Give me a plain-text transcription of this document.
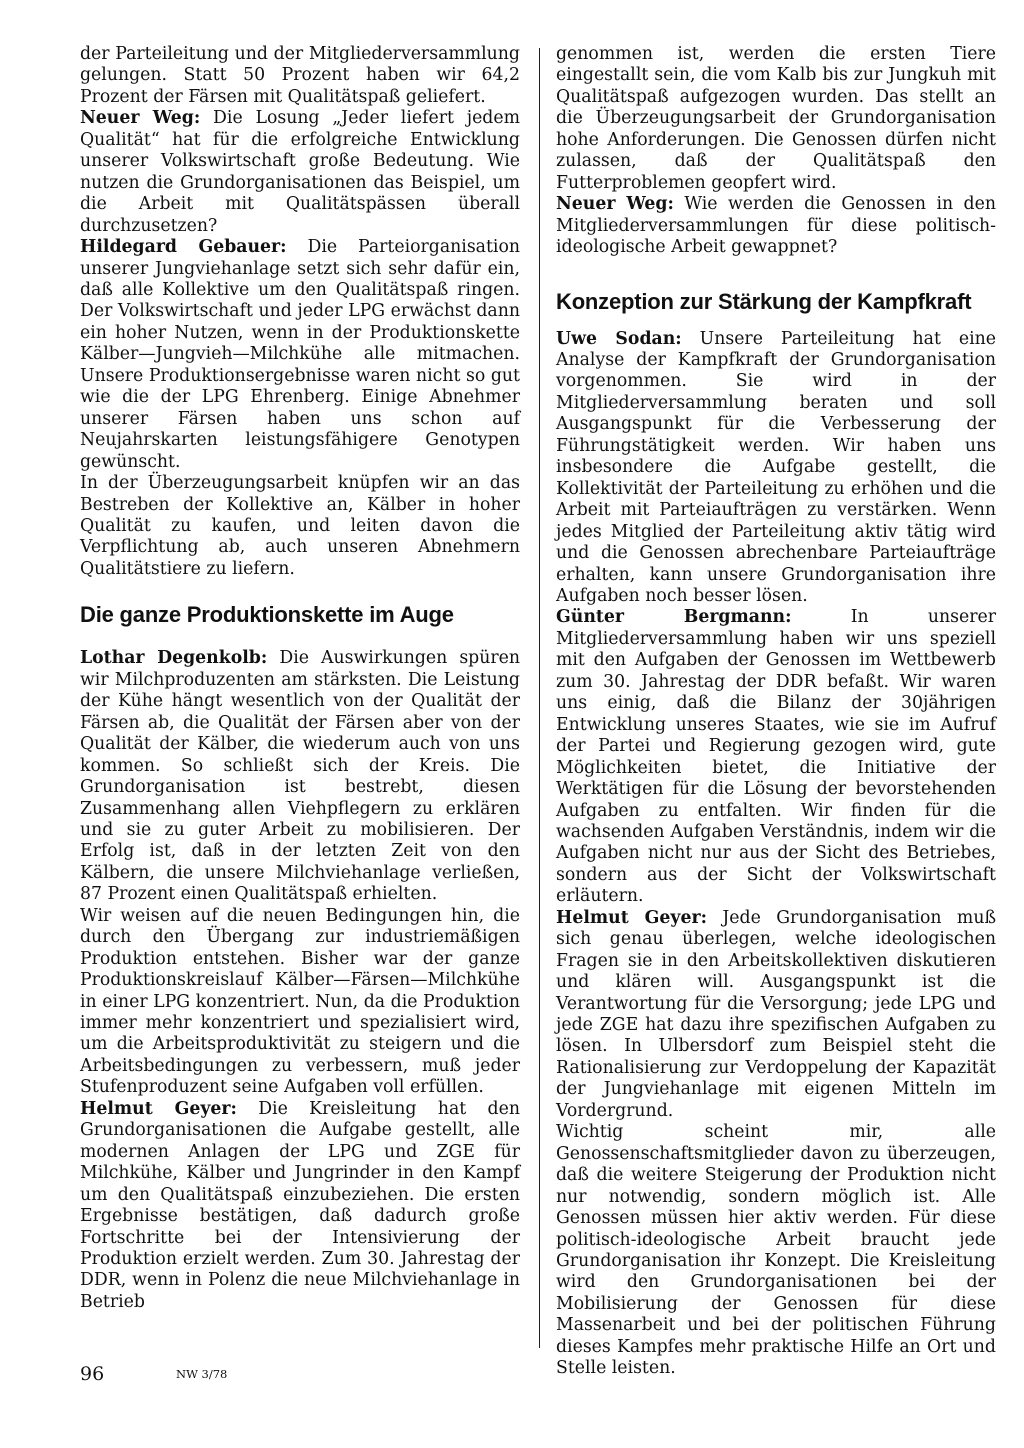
der Parteileitung und der Mitgliederversammlung gelungen. Statt 50 Prozent haben wir 64,2 Prozent der Färsen mit Qualitätspaß geliefert.

Neuer Weg: Die Losung „Jeder liefert jedem Qualität“ hat für die erfolgreiche Entwicklung unserer Volkswirtschaft große Bedeutung. Wie nutzen die Grundorganisationen das Beispiel, um die Arbeit mit Qualitätspässen überall durchzusetzen?

Hildegard Gebauer: Die Parteiorganisation unserer Jungviehanlage setzt sich sehr dafür ein, daß alle Kollektive um den Qualitätspaß ringen. Der Volkswirtschaft und jeder LPG erwächst dann ein hoher Nutzen, wenn in der Produktionskette Kälber—Jungvieh—Milchkühe alle mitmachen. Unsere Produktionsergebnisse waren nicht so gut wie die der LPG Ehrenberg. Einige Abnehmer unserer Färsen haben uns schon auf Neujahrskarten leistungsfähigere Genotypen gewünscht.

In der Überzeugungsarbeit knüpfen wir an das Bestreben der Kollektive an, Kälber in hoher Qualität zu kaufen, und leiten davon die Verpflichtung ab, auch unseren Abnehmern Qualitätstiere zu liefern.

Die ganze Produktionskette im Auge

Lothar Degenkolb: Die Auswirkungen spüren wir Milchproduzenten am stärksten. Die Leistung der Kühe hängt wesentlich von der Qualität der Färsen ab, die Qualität der Färsen aber von der Qualität der Kälber, die wiederum auch von uns kommen. So schließt sich der Kreis. Die Grundorganisation ist bestrebt, diesen Zusammenhang allen Viehpflegern zu erklären und sie zu guter Arbeit zu mobilisieren. Der Erfolg ist, daß in der letzten Zeit von den Kälbern, die unsere Milchviehanlage verließen, 87 Prozent einen Qualitätspaß erhielten.

Wir weisen auf die neuen Bedingungen hin, die durch den Übergang zur industriemäßigen Produktion entstehen. Bisher war der ganze Produktionskreislauf Kälber—Färsen—Milchkühe in einer LPG konzentriert. Nun, da die Produktion immer mehr konzentriert und spezialisiert wird, um die Arbeitsproduktivität zu steigern und die Arbeitsbedingungen zu verbessern, muß jeder Stufenproduzent seine Aufgaben voll erfüllen.

Helmut Geyer: Die Kreisleitung hat den Grundorganisationen die Aufgabe gestellt, alle modernen Anlagen der LPG und ZGE für Milchkühe, Kälber und Jungrinder in den Kampf um den Qualitätspaß einzubeziehen. Die ersten Ergebnisse bestätigen, daß dadurch große Fortschritte bei der Intensivierung der Produktion erzielt werden. Zum 30. Jahrestag der DDR, wenn in Polenz die neue Milchviehanlage in Betrieb

genommen ist, werden die ersten Tiere eingestallt sein, die vom Kalb bis zur Jungkuh mit Qualitätspaß aufgezogen wurden. Das stellt an die Überzeugungsarbeit der Grundorganisation hohe Anforderungen. Die Genossen dürfen nicht zulassen, daß der Qualitätspaß den Futterproblemen geopfert wird.

Neuer Weg: Wie werden die Genossen in den Mitgliederversammlungen für diese politisch-ideologische Arbeit gewappnet?

Konzeption zur Stärkung der Kampfkraft

Uwe Sodan: Unsere Parteileitung hat eine Analyse der Kampfkraft der Grundorganisation vorgenommen. Sie wird in der Mitgliederversammlung beraten und soll Ausgangspunkt für die Verbesserung der Führungstätigkeit werden. Wir haben uns insbesondere die Aufgabe gestellt, die Kollektivität der Parteileitung zu erhöhen und die Arbeit mit Parteiaufträgen zu verstärken. Wenn jedes Mitglied der Parteileitung aktiv tätig wird und die Genossen abrechenbare Parteiaufträge erhalten, kann unsere Grundorganisation ihre Aufgaben noch besser lösen.

Günter Bergmann: In unserer Mitgliederversammlung haben wir uns speziell mit den Aufgaben der Genossen im Wettbewerb zum 30. Jahrestag der DDR befaßt. Wir waren uns einig, daß die Bilanz der 30jährigen Entwicklung unseres Staates, wie sie im Aufruf der Partei und Regierung gezogen wird, gute Möglichkeiten bietet, die Initiative der Werktätigen für die Lösung der bevorstehenden Aufgaben zu entfalten. Wir finden für die wachsenden Aufgaben Verständnis, indem wir die Aufgaben nicht nur aus der Sicht des Betriebes, sondern aus der Sicht der Volkswirtschaft erläutern.

Helmut Geyer: Jede Grundorganisation muß sich genau überlegen, welche ideologischen Fragen sie in den Arbeitskollektiven diskutieren und klären will. Ausgangspunkt ist die Verantwortung für die Versorgung; jede LPG und jede ZGE hat dazu ihre spezifischen Aufgaben zu lösen. In Ulbersdorf zum Beispiel steht die Rationalisierung zur Verdoppelung der Kapazität der Jungviehanlage mit eigenen Mitteln im Vordergrund.

Wichtig scheint mir, alle Genossenschaftsmitglieder davon zu überzeugen, daß die weitere Steigerung der Produktion nicht nur notwendig, sondern möglich ist. Alle Genossen müssen hier aktiv werden. Für diese politisch-ideologische Arbeit braucht jede Grundorganisation ihr Konzept. Die Kreisleitung wird den Grundorganisationen bei der Mobilisierung der Genossen für diese Massenarbeit und bei der politischen Führung dieses Kampfes mehr praktische Hilfe an Ort und Stelle leisten.

96	NW 3/78
